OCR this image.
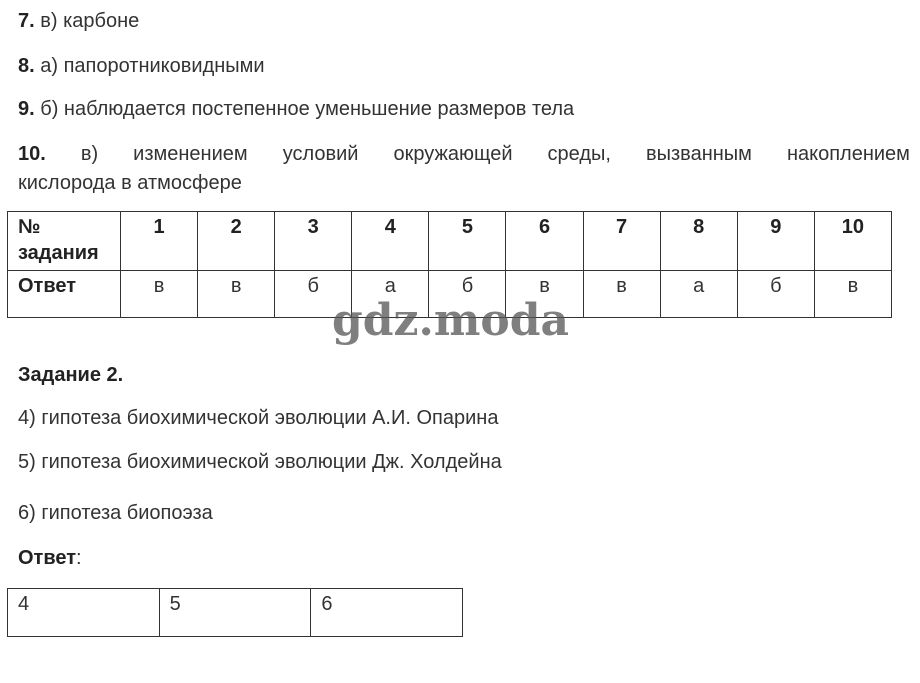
7. в) карбоне
8. а) папоротниковидными
9. б) наблюдается постепенное уменьшение размеров тела
10. в) изменением условий окружающей среды, вызванным накоплением
кислорода в атмосфере
№ задания	1	2	3	4	5	6	7	8	9	10
Ответ	в	в	б	а	б	в	в	а	б	в
gdz.moda
Задание 2.
4) гипотеза биохимической эволюции А.И. Опарина
5) гипотеза биохимической эволюции Дж. Холдейна
6) гипотеза биопоэза
Ответ:
4	5	6
